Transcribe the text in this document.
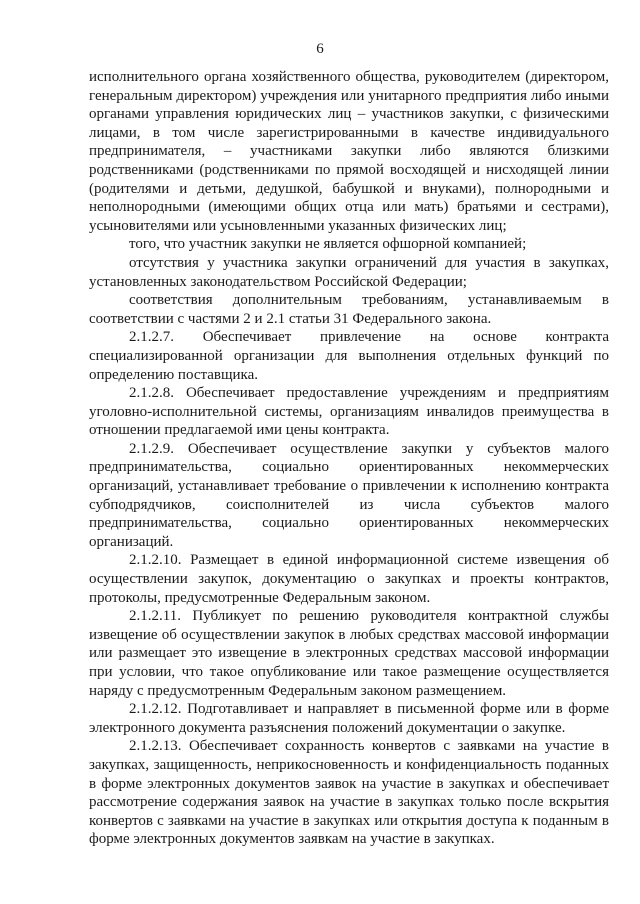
6

исполнительного органа хозяйственного общества, руководителем (директором, генеральным директором) учреждения или унитарного предприятия либо иными органами управления юридических лиц – участников закупки, с физическими лицами, в том числе зарегистрированными в качестве индивидуального предпринимателя, – участниками закупки либо являются близкими родственниками (родственниками по прямой восходящей и нисходящей линии (родителями и детьми, дедушкой, бабушкой и внуками), полнородными и неполнородными (имеющими общих отца или мать) братьями и сестрами), усыновителями или усыновленными указанных физических лиц;

того, что участник закупки не является офшорной компанией;

отсутствия у участника закупки ограничений для участия в закупках, установленных законодательством Российской Федерации;

соответствия дополнительным требованиям, устанавливаемым в соответствии с частями 2 и 2.1 статьи 31 Федерального закона.

2.1.2.7. Обеспечивает привлечение на основе контракта специализированной организации для выполнения отдельных функций по определению поставщика.

2.1.2.8. Обеспечивает предоставление учреждениям и предприятиям уголовно-исполнительной системы, организациям инвалидов преимущества в отношении предлагаемой ими цены контракта.

2.1.2.9. Обеспечивает осуществление закупки у субъектов малого предпринимательства, социально ориентированных некоммерческих организаций, устанавливает требование о привлечении к исполнению контракта субподрядчиков, соисполнителей из числа субъектов малого предпринимательства, социально ориентированных некоммерческих организаций.

2.1.2.10. Размещает в единой информационной системе извещения об осуществлении закупок, документацию о закупках и проекты контрактов, протоколы, предусмотренные Федеральным законом.

2.1.2.11. Публикует по решению руководителя контрактной службы извещение об осуществлении закупок в любых средствах массовой информации или размещает это извещение в электронных средствах массовой информации при условии, что такое опубликование или такое размещение осуществляется наряду с предусмотренным Федеральным законом размещением.

2.1.2.12. Подготавливает и направляет в письменной форме или в форме электронного документа разъяснения положений документации о закупке.

2.1.2.13. Обеспечивает сохранность конвертов с заявками на участие в закупках, защищенность, неприкосновенность и конфиденциальность поданных в форме электронных документов заявок на участие в закупках и обеспечивает рассмотрение содержания заявок на участие в закупках только после вскрытия конвертов с заявками на участие в закупках или открытия доступа к поданным в форме электронных документов заявкам на участие в закупках.
